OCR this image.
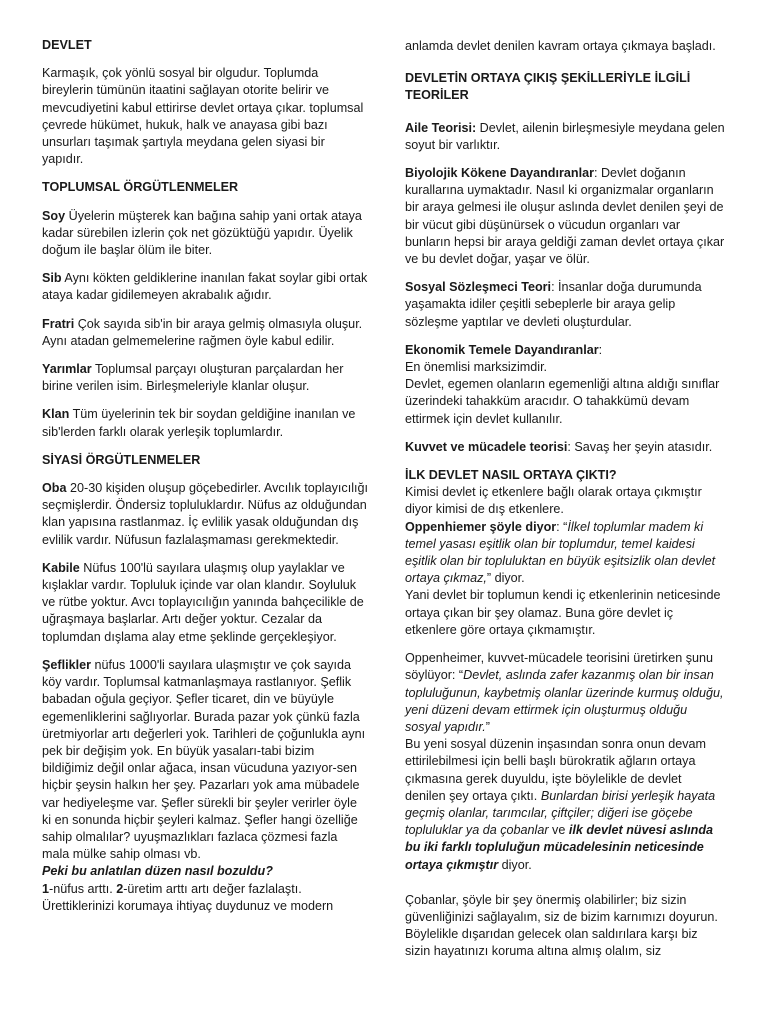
DEVLET

Karmaşık, çok yönlü sosyal bir olgudur. Toplumda bireylerin tümünün itaatini sağlayan otorite belirir ve mevcudiyetini kabul ettirirse devlet ortaya çıkar. toplumsal çevrede hükümet, hukuk, halk ve anayasa gibi bazı unsurları taşımak şartıyla meydana gelen siyasi bir yapıdır.

TOPLUMSAL ÖRGÜTLENMELER

Soy Üyelerin müşterek kan bağına sahip yani ortak ataya kadar sürebilen izlerin çok net gözüktüğü yapıdır. Üyelik doğum ile başlar ölüm ile biter.

Sib Aynı kökten geldiklerine inanılan fakat soylar gibi ortak ataya kadar gidilemeyen akrabalık ağıdır.

Fratri Çok sayıda sib'in bir araya gelmiş olmasıyla oluşur. Aynı atadan gelmemelerine rağmen öyle kabul edilir.

Yarımlar Toplumsal parçayı oluşturan parçalardan her birine verilen isim. Birleşmeleriyle klanlar oluşur.

Klan Tüm üyelerinin tek bir soydan geldiğine inanılan ve sib'lerden farklı olarak yerleşik toplumlardır.

SİYASİ ÖRGÜTLENMELER

Oba 20-30 kişiden oluşup göçebedirler. Avcılık toplayıcılığı seçmişlerdir. Öndersiz topluluklardır. Nüfus az olduğundan klan yapısına rastlanmaz. İç evlilik yasak olduğundan dış evlilik vardır. Nüfusun fazlalaşmaması gerekmektedir.

Kabile Nüfus 100'lü sayılara ulaşmış olup yaylaklar ve kışlaklar vardır. Topluluk içinde var olan klandır. Soyluluk ve rütbe yoktur. Avcı toplayıcılığın yanında bahçecilikle de uğraşmaya başlarlar. Artı değer yoktur. Cezalar da toplumdan dışlama alay etme şeklinde gerçekleşiyor.

Şeflikler nüfus 1000'li sayılara ulaşmıştır ve çok sayıda köy vardır. Toplumsal katmanlaşmaya rastlanıyor. Şeflik babadan oğula geçiyor. Şefler ticaret, din ve büyüyle egemenliklerini sağlıyorlar. Burada pazar yok çünkü fazla üretmiyorlar artı değerleri yok. Tarihleri de çoğunlukla aynı pek bir değişim yok. En büyük yasaları-tabi bizim bildiğimiz değil onlar ağaca, insan vücuduna yazıyor-sen hiçbir şeysin halkın her şey. Pazarları yok ama mübadele var hediyeleşme var. Şefler sürekli bir şeyler verirler öyle ki en sonunda hiçbir şeyleri kalmaz. Şefler hangi özelliğe sahip olmalılar? uyuşmazlıkları fazlaca çözmesi fazla mala mülke sahip olması vb.

Peki bu anlatılan düzen nasıl bozuldu?

1-nüfus arttı. 2-üretim arttı artı değer fazlalaştı. Ürettiklerinizi korumaya ihtiyaç duydunuz ve modern

anlamda devlet denilen kavram ortaya çıkmaya başladı.

DEVLETİN ORTAYA ÇIKIŞ ŞEKİLLERİYLE İLGİLİ TEORİLER

Aile Teorisi: Devlet, ailenin birleşmesiyle meydana gelen soyut bir varlıktır.

Biyolojik Kökene Dayandıranlar: Devlet doğanın kurallarına uymaktadır. Nasıl ki organizmalar organların bir araya gelmesi ile oluşur aslında devlet denilen şeyi de bir vücut gibi düşünürsek o vücudun organları var bunların hepsi bir araya geldiği zaman devlet ortaya çıkar ve bu devlet doğar, yaşar ve ölür.

Sosyal Sözleşmeci Teori: İnsanlar doğa durumunda yaşamakta idiler çeşitli sebeplerle bir araya gelip sözleşme yaptılar ve devleti oluşturdular.

Ekonomik Temele Dayandıranlar:

En önemlisi marksizimdir.

Devlet, egemen olanların egemenliği altına aldığı sınıflar üzerindeki tahakküm aracıdır. O tahakkümü devam ettirmek için devlet kullanılır.

Kuvvet ve mücadele teorisi: Savaş her şeyin atasıdır.

İLK DEVLET NASIL ORTAYA ÇIKTI?

Kimisi devlet iç etkenlere bağlı olarak ortaya çıkmıştır diyor kimisi de dış etkenlere.

Oppenhiemer şöyle diyor: “İlkel toplumlar madem ki temel yasası eşitlik olan bir toplumdur, temel kaidesi eşitlik olan bir topluluktan en büyük eşitsizlik olan devlet ortaya çıkmaz,” diyor.

Yani devlet bir toplumun kendi iç etkenlerinin neticesinde ortaya çıkan bir şey olamaz. Buna göre devlet iç etkenlere göre ortaya çıkmamıştır.

Oppenheimer, kuvvet-mücadele teorisini üretirken şunu söylüyor: “Devlet, aslında zafer kazanmış olan bir insan topluluğunun, kaybetmiş olanlar üzerinde kurmuş olduğu, yeni düzeni devam ettirmek için oluşturmuş olduğu sosyal yapıdır.”

Bu yeni sosyal düzenin inşasından sonra onun devam ettirilebilmesi için belli başlı bürokratik ağların ortaya çıkmasına gerek duyuldu, işte böylelikle de devlet denilen şey ortaya çıktı. Bunlardan birisi yerleşik hayata geçmiş olanlar, tarımcılar, çiftçiler; diğeri ise göçebe topluluklar ya da çobanlar ve ilk devlet nüvesi aslında bu iki farklı topluluğun mücadelesinin neticesinde ortaya çıkmıştır diyor.

Çobanlar, şöyle bir şey önermiş olabilirler; biz sizin güvenliğinizi sağlayalım, siz de bizim karnımızı doyurun. Böylelikle dışarıdan gelecek olan saldırılara karşı biz sizin hayatınızı koruma altına almış olalım, siz
